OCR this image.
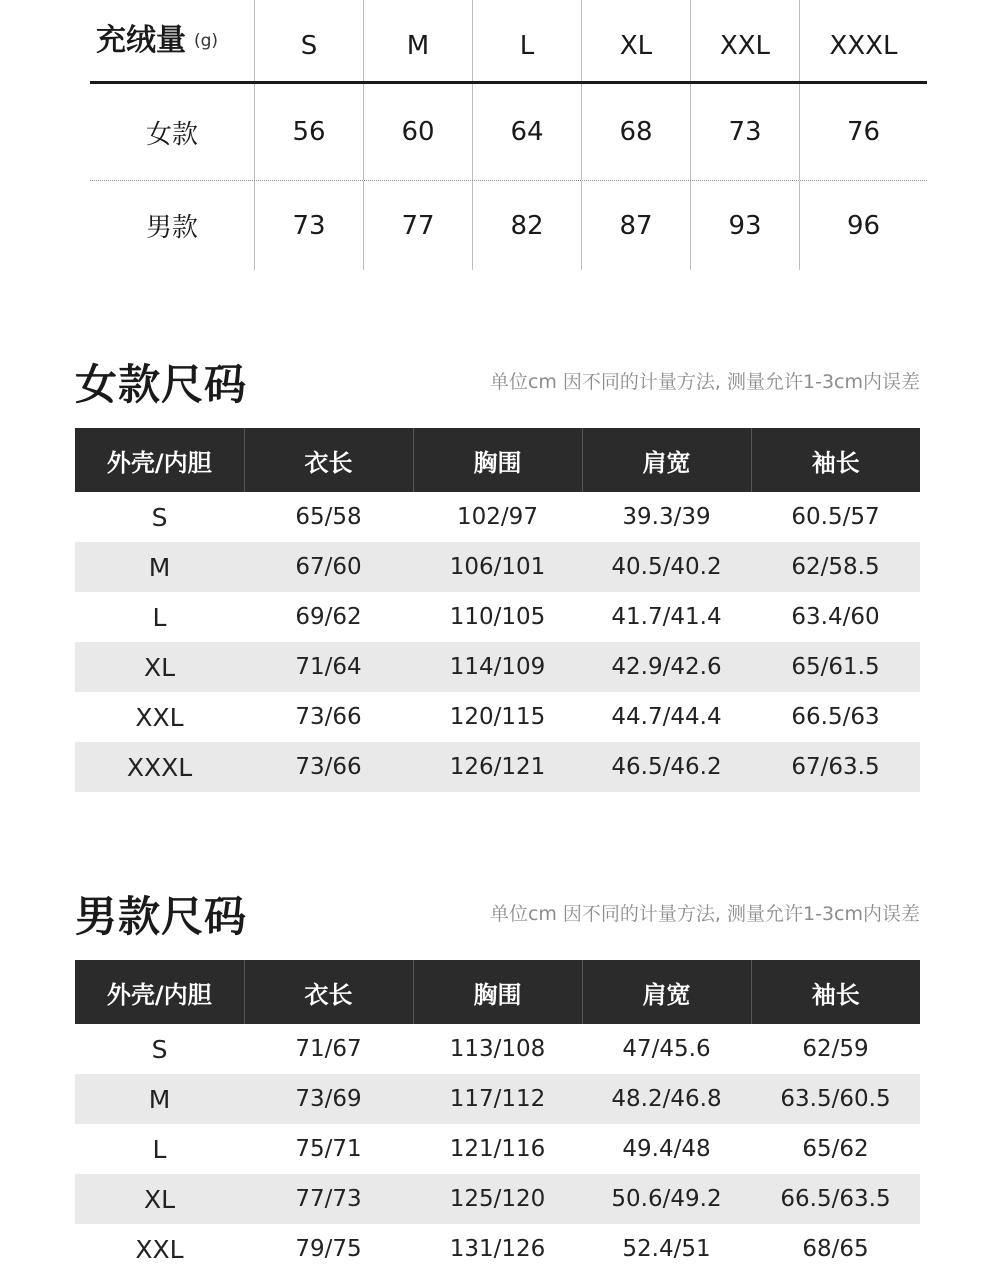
充绒量 (g)	S	M	L	XL	XXL	XXXL
女款	56	60	64	68	73	76
男款	73	77	82	87	93	96
女款尺码	单位cm 因不同的计量方法, 测量允许1-3cm内误差
外壳/内胆	衣长	胸围	肩宽	袖长
S	65/58	102/97	39.3/39	60.5/57
M	67/60	106/101	40.5/40.2	62/58.5
L	69/62	110/105	41.7/41.4	63.4/60
XL	71/64	114/109	42.9/42.6	65/61.5
XXL	73/66	120/115	44.7/44.4	66.5/63
XXXL	73/66	126/121	46.5/46.2	67/63.5
男款尺码	单位cm 因不同的计量方法, 测量允许1-3cm内误差
外壳/内胆	衣长	胸围	肩宽	袖长
S	71/67	113/108	47/45.6	62/59
M	73/69	117/112	48.2/46.8	63.5/60.5
L	75/71	121/116	49.4/48	65/62
XL	77/73	125/120	50.6/49.2	66.5/63.5
XXL	79/75	131/126	52.4/51	68/65
